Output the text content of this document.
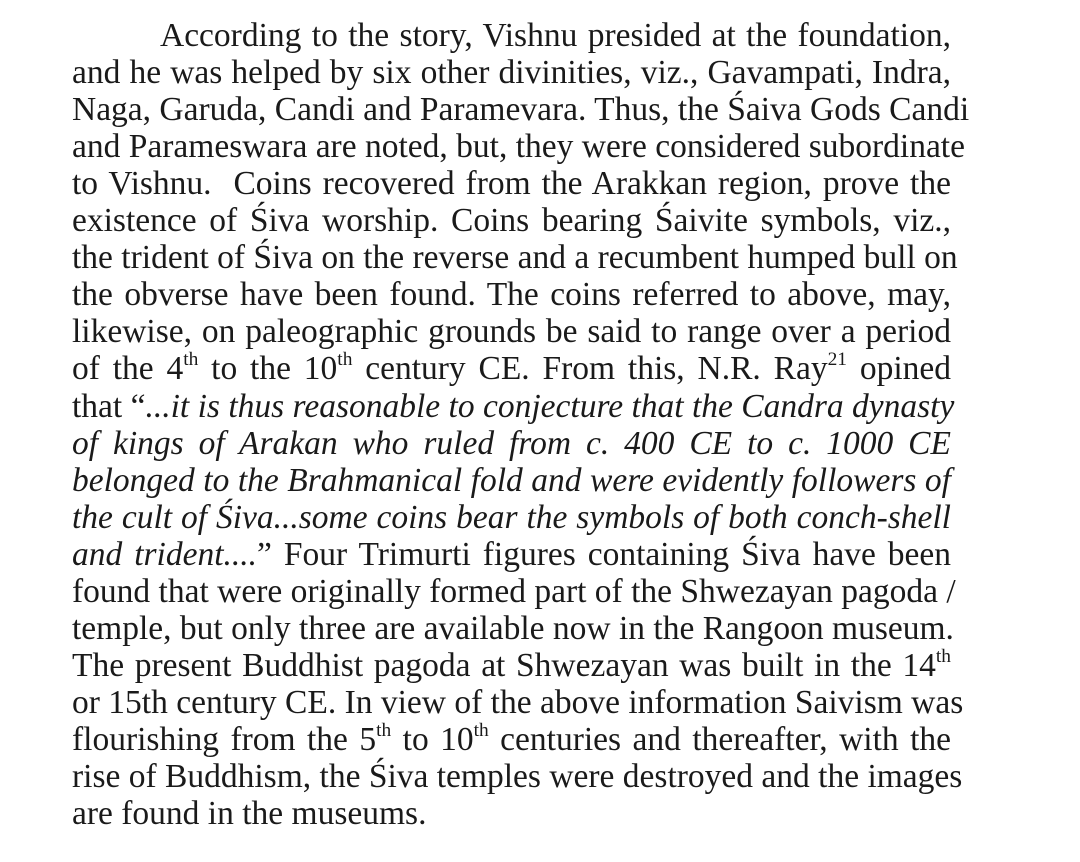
According to the story, Vishnu presided at the foundation,
and he was helped by six other divinities, viz., Gavampati, Indra,
Naga, Garuda, Candi and Paramevara. Thus, the Śaiva Gods Candi
and Parameswara are noted, but, they were considered subordinate
to Vishnu.  Coins recovered from the Arakkan region, prove the
existence of Śiva worship. Coins bearing Śaivite symbols, viz.,
the trident of Śiva on the reverse and a recumbent humped bull on
the obverse have been found. The coins referred to above, may,
likewise, on paleographic grounds be said to range over a period
of the 4th to the 10th century CE. From this, N.R. Ray$^{21}$ opined
that “...it is thus reasonable to conjecture that the Candra dynasty
of kings of Arakan who ruled from c. 400 CE to c. 1000 CE
belonged to the Brahmanical fold and were evidently followers of
the cult of Śiva...some coins bear the symbols of both conch-shell
and trident....” Four Trimurti figures containing Śiva have been
found that were originally formed part of the Shwezayan pagoda /
temple, but only three are available now in the Rangoon museum.
The present Buddhist pagoda at Shwezayan was built in the 14th
or 15th century CE. In view of the above information Saivism was
flourishing from the 5th to 10th centuries and thereafter, with the
rise of Buddhism, the Śiva temples were destroyed and the images
are found in the museums.
